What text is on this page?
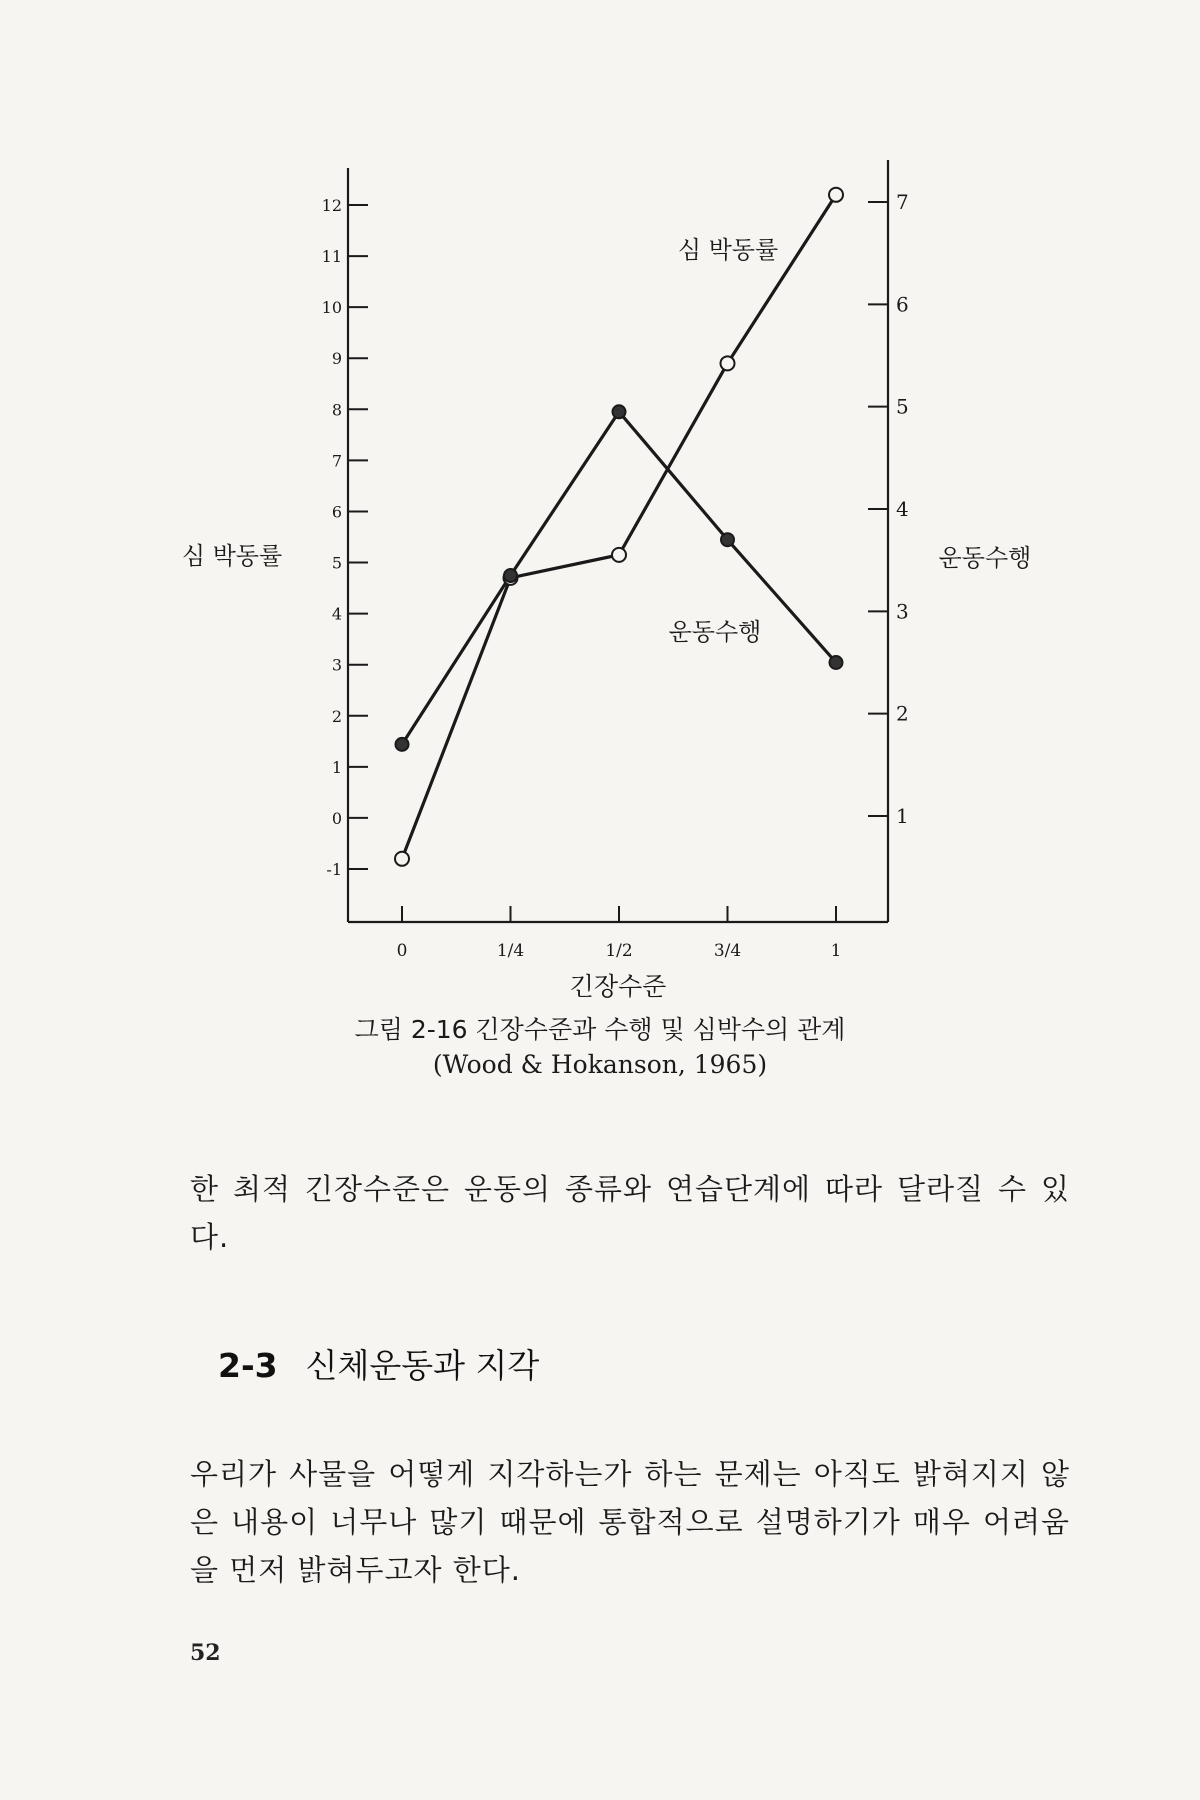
-1
0
1
2
3
4
5
6
7
8
9
10
11
12
1
2
3
4
5
6
7
0	1/4	1/2	3/4	1
심 박동률	운동수행
긴장수준
심 박동률
운동수행
그림 2-16 긴장수준과 수행 및 심박수의 관계
(Wood & Hokanson, 1965)

한 최적 긴장수준은 운동의 종류와 연습단계에 따라 달라질 수 있다.

2-3 신체운동과 지각

우리가 사물을 어떻게 지각하는가 하는 문제는 아직도 밝혀지지 않은 내용이 너무나 많기 때문에 통합적으로 설명하기가 매우 어려움을 먼저 밝혀두고자 한다.

52
